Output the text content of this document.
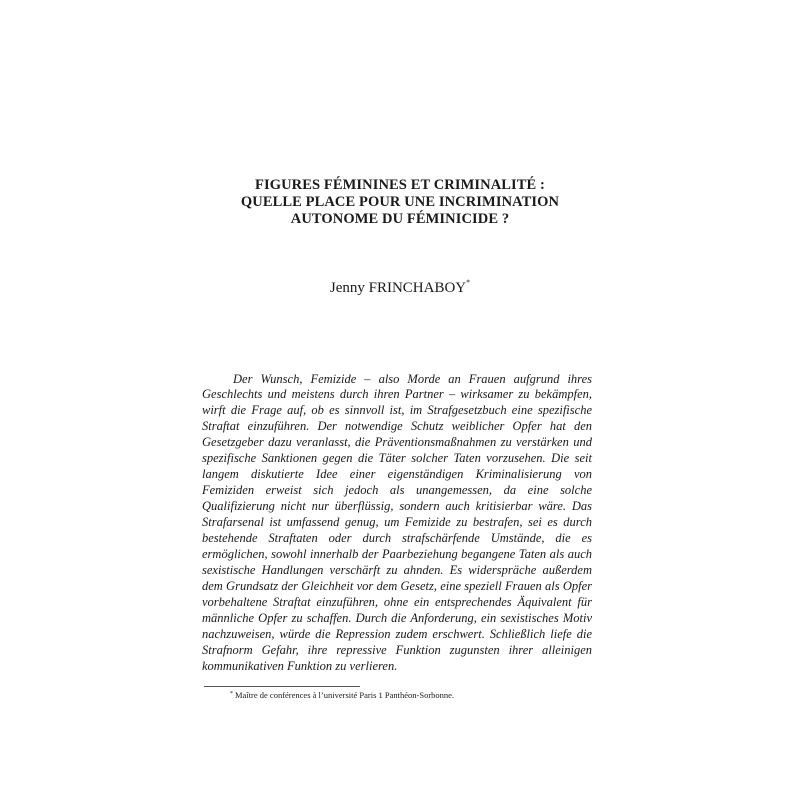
FIGURES FÉMININES ET CRIMINALITÉ :
QUELLE PLACE POUR UNE INCRIMINATION
AUTONOME DU FÉMINICIDE ?
Jenny FRINCHABOY*

Der Wunsch, Femizide – also Morde an Frauen aufgrund ihres Geschlechts und meistens durch ihren Partner – wirksamer zu bekämpfen, wirft die Frage auf, ob es sinnvoll ist, im Strafgesetzbuch eine spezifische Straftat einzuführen. Der notwendige Schutz weiblicher Opfer hat den Gesetzgeber dazu veranlasst, die Präventionsmaßnahmen zu verstärken und spezifische Sanktionen gegen die Täter solcher Taten vorzusehen. Die seit langem diskutierte Idee einer eigenständigen Kriminalisierung von Femiziden erweist sich jedoch als unangemessen, da eine solche Qualifizierung nicht nur überflüssig, sondern auch kritisierbar wäre. Das Strafarsenal ist umfassend genug, um Femizide zu bestrafen, sei es durch bestehende Straftaten oder durch strafschärfende Umstände, die es ermöglichen, sowohl innerhalb der Paarbeziehung begangene Taten als auch sexistische Handlungen verschärft zu ahnden. Es widerspräche außerdem dem Grundsatz der Gleichheit vor dem Gesetz, eine speziell Frauen als Opfer vorbehaltene Straftat einzuführen, ohne ein entsprechendes Äquivalent für männliche Opfer zu schaffen. Durch die Anforderung, ein sexistisches Motiv nachzuweisen, würde die Repression zudem erschwert. Schließlich liefe die Strafnorm Gefahr, ihre repressive Funktion zugunsten ihrer alleinigen kommunikativen Funktion zu verlieren.

* Maître de conférences à l’université Paris 1 Panthéon-Sorbonne.
